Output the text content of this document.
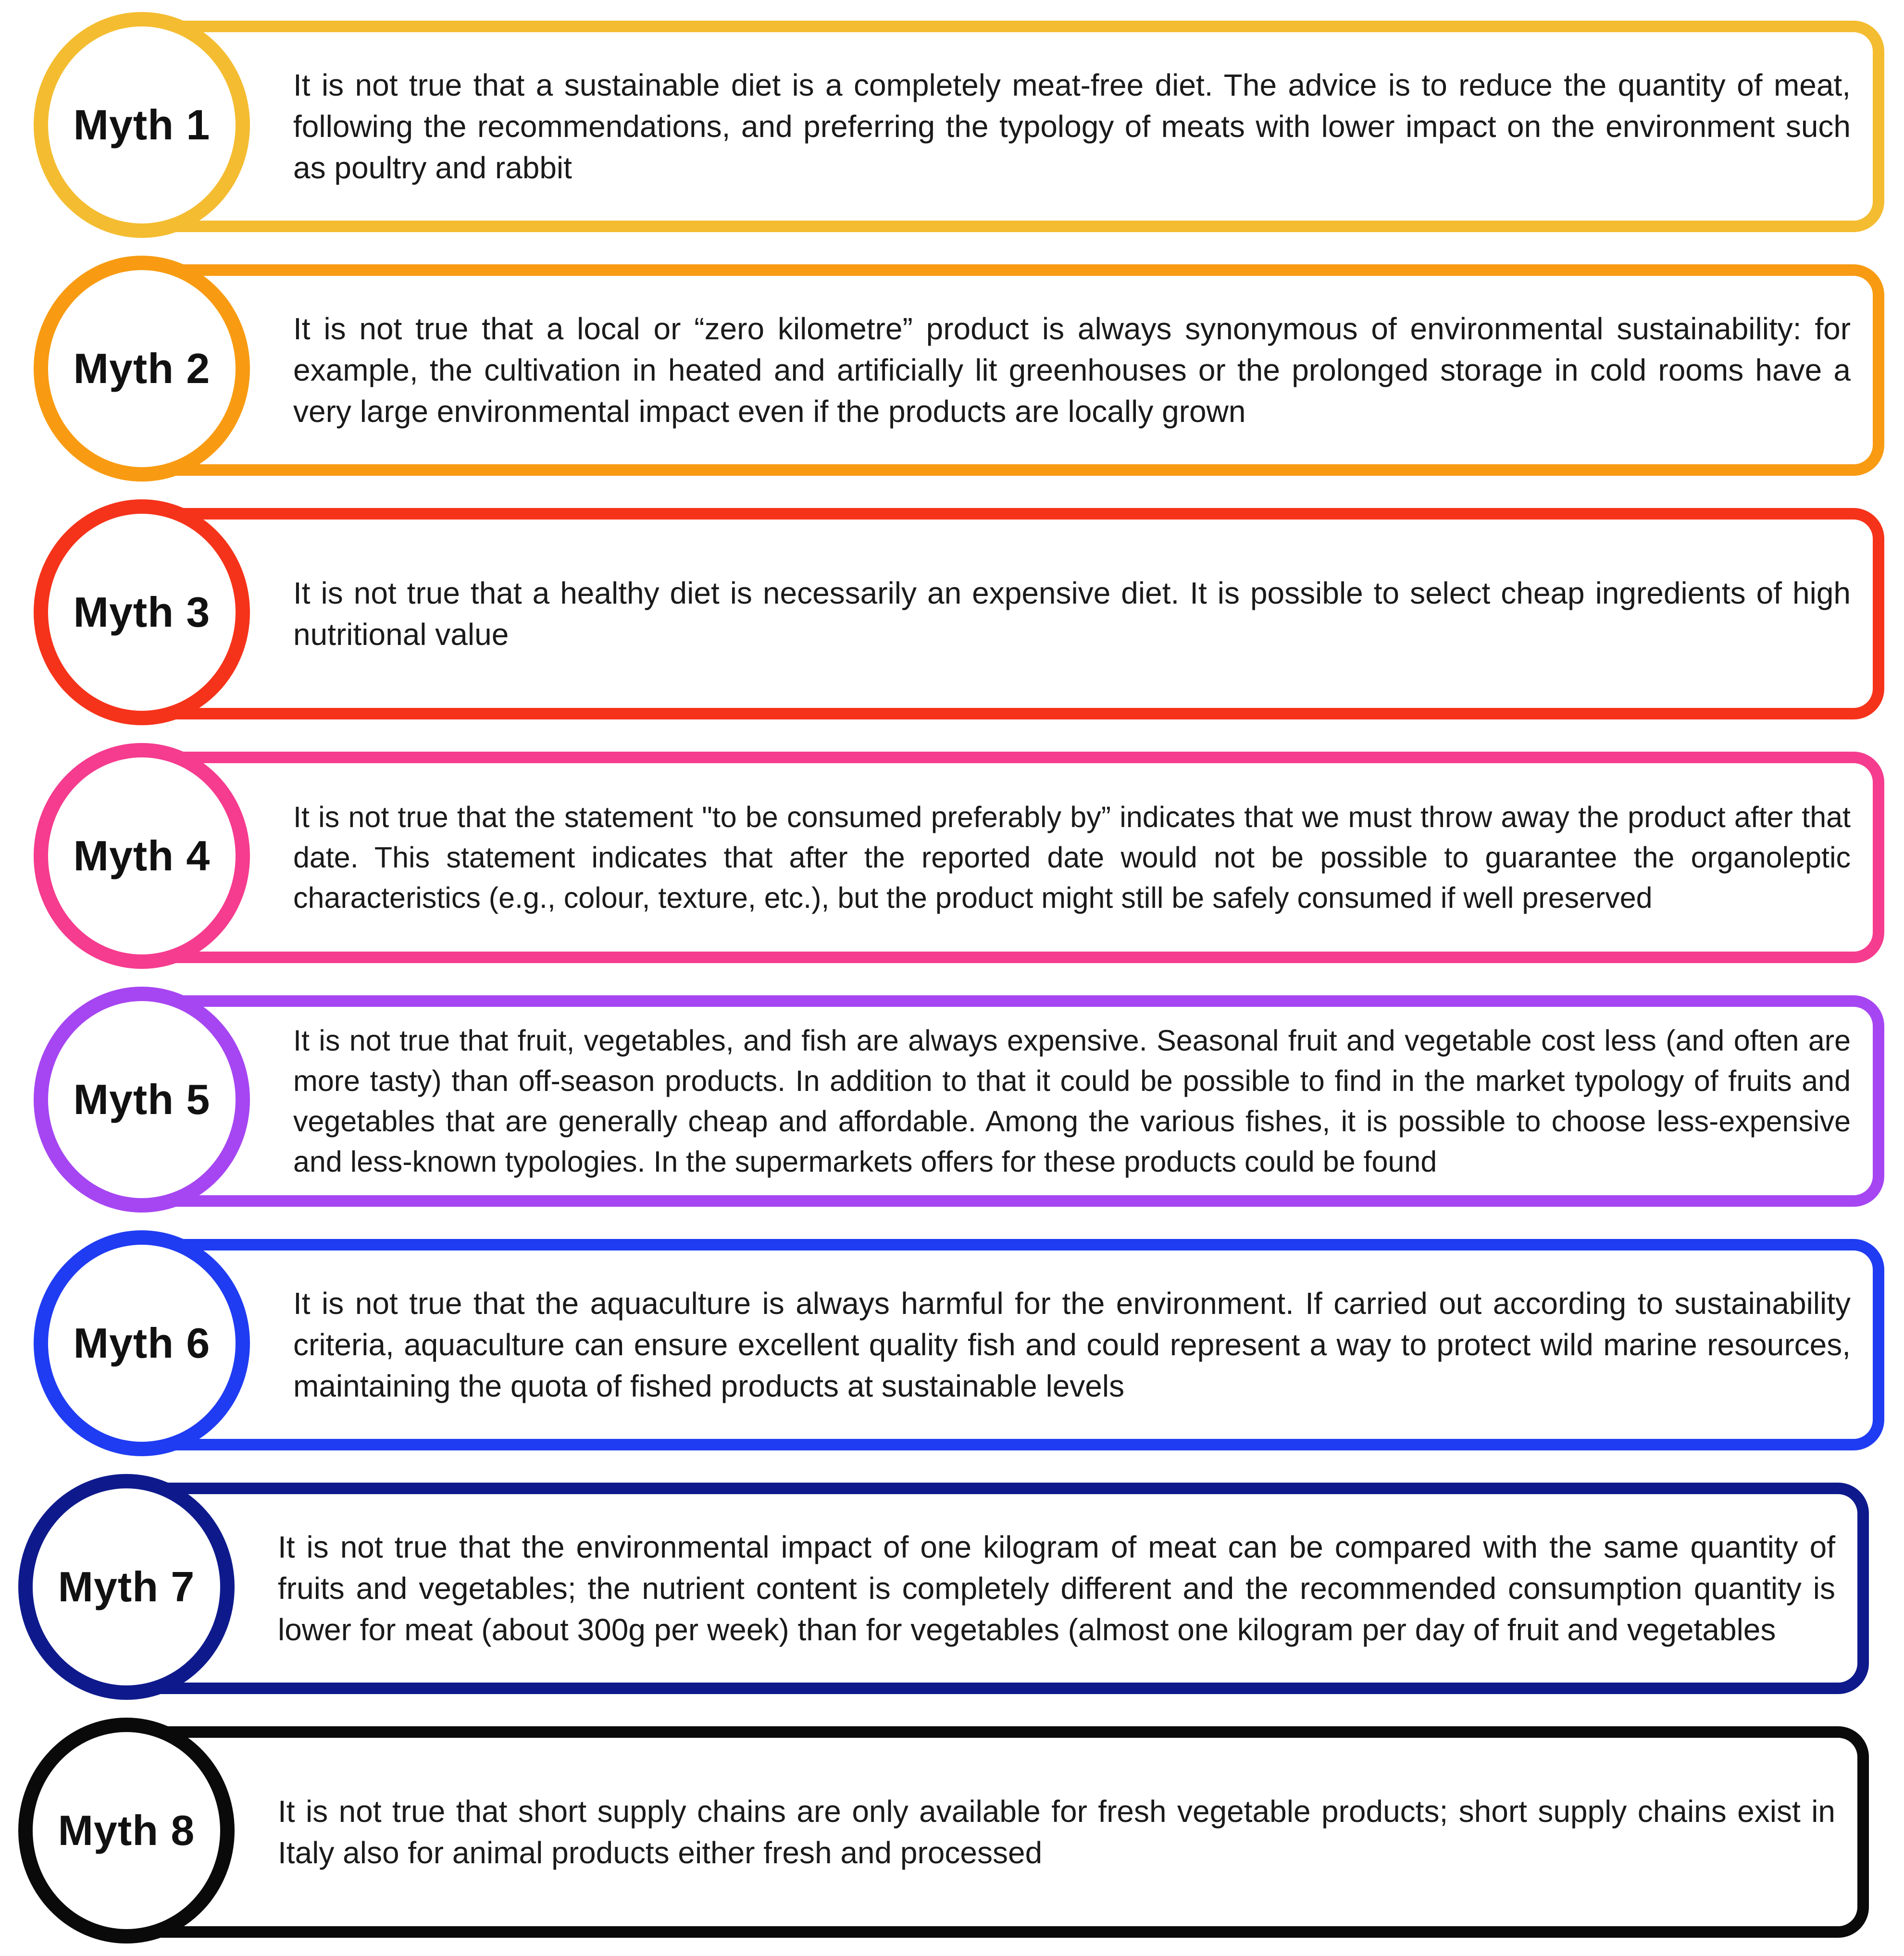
Myth 1
It is not true that a sustainable diet is a completely meat-free diet. The advice is to reduce the quantity of meat, following the recommendations, and preferring the typology of meats with lower impact on the environment such as poultry and rabbit
Myth 2
It is not true that a local or “zero kilometre” product is always synonymous of environmental sustainability: for example, the cultivation in heated and artificially lit greenhouses or the prolonged storage in cold rooms have a very large environmental impact even if the products are locally grown
Myth 3	It is not true that a healthy diet is necessarily an expensive diet. It is possible to select cheap ingredients of high nutritional value
Myth 4
It is not true that the statement "to be consumed preferably by” indicates that we must throw away the product after that date. This statement indicates that after the reported date would not be possible to guarantee the organoleptic characteristics (e.g., colour, texture, etc.), but the product might still be safely consumed if well preserved
Myth 5
It is not true that fruit, vegetables, and fish are always expensive. Seasonal fruit and vegetable cost less (and often are more tasty) than off-season products. In addition to that it could be possible to find in the market typology of fruits and vegetables that are generally cheap and affordable. Among the various fishes, it is possible to choose less-expensive and less-known typologies. In the supermarkets offers for these products could be found
Myth 6
It is not true that the aquaculture is always harmful for the environment. If carried out according to sustainability criteria, aquaculture can ensure excellent quality fish and could represent a way to protect wild marine resources, maintaining the quota of fished products at sustainable levels
Myth 7
It is not true that the environmental impact of one kilogram of meat can be compared with the same quantity of fruits and vegetables; the nutrient content is completely different and the recommended consumption quantity is lower for meat (about 300g per week) than for vegetables (almost one kilogram per day of fruit and vegetables
Myth 8	It is not true that short supply chains are only available for fresh vegetable products; short supply chains exist in Italy also for animal products either fresh and processed
